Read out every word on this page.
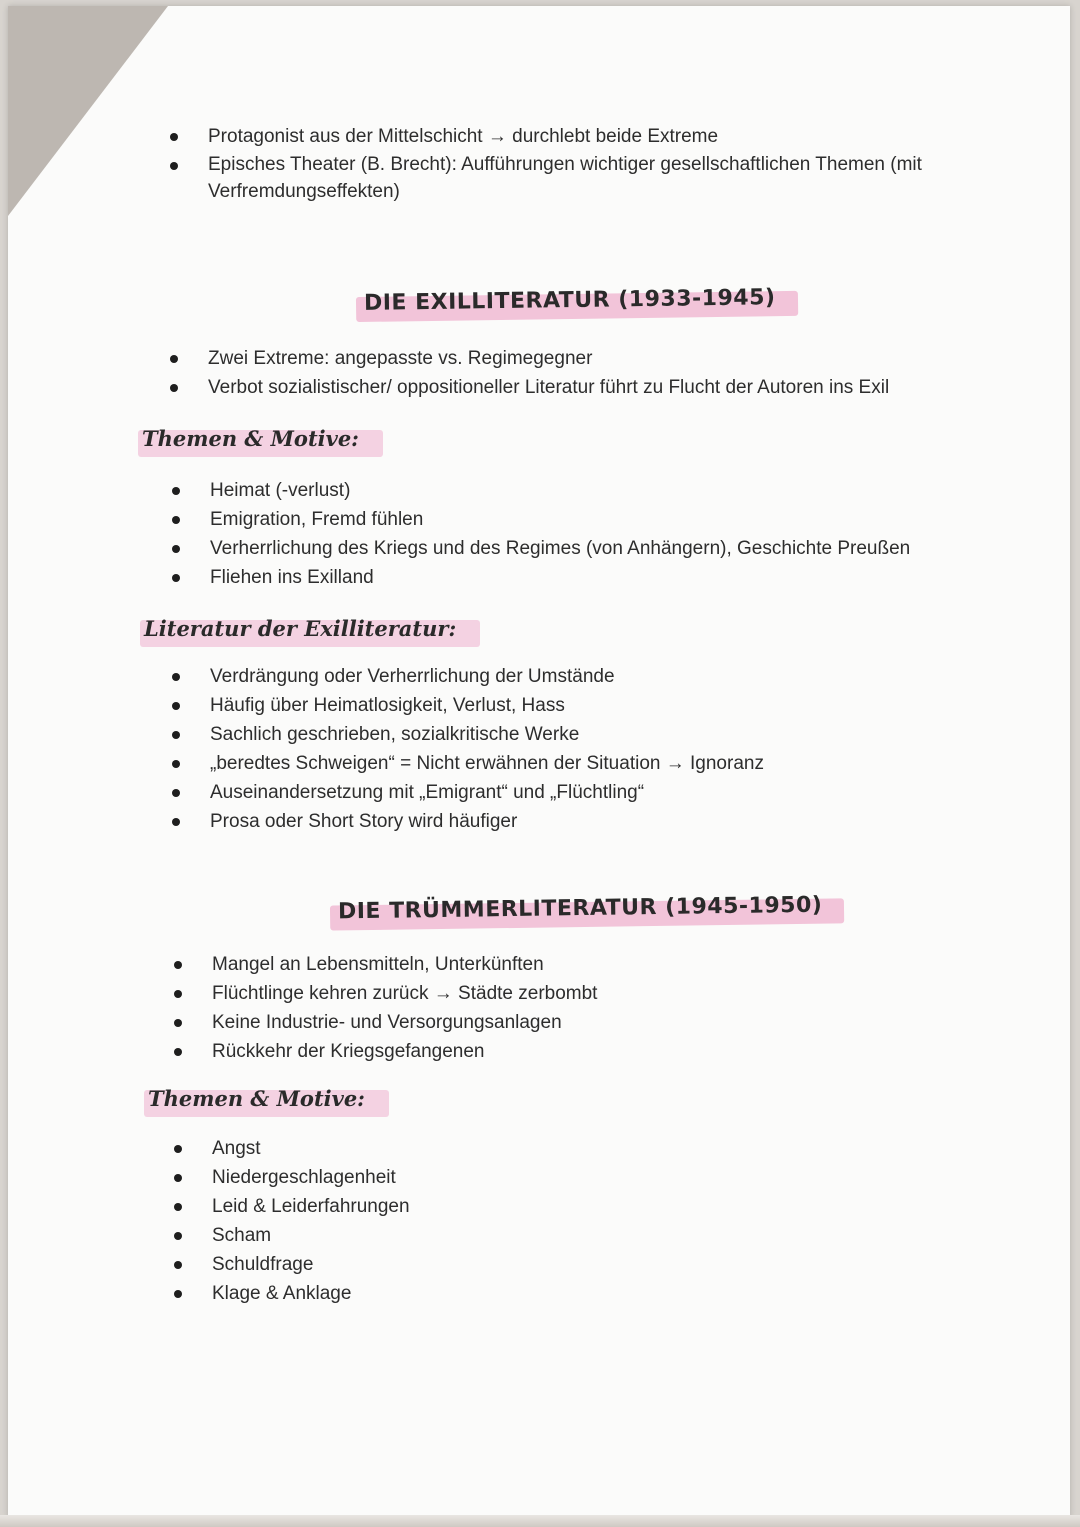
Protagonist aus der Mittelschicht → durchlebt beide Extreme
Episches Theater (B. Brecht): Aufführungen wichtiger gesellschaftlichen Themen (mit Verfremdungseffekten)
DIE EXILLITERATUR (1933-1945)
Zwei Extreme: angepasste vs. Regimegegner
Verbot sozialistischer/ oppositioneller Literatur führt zu Flucht der Autoren ins Exil
Themen & Motive:
Heimat (-verlust)
Emigration, Fremd fühlen
Verherrlichung des Kriegs und des Regimes (von Anhängern), Geschichte Preußen
Fliehen ins Exilland
Literatur der Exilliteratur:
Verdrängung oder Verherrlichung der Umstände
Häufig über Heimatlosigkeit, Verlust, Hass
Sachlich geschrieben, sozialkritische Werke
„beredtes Schweigen“ = Nicht erwähnen der Situation → Ignoranz
Auseinandersetzung mit „Emigrant“ und „Flüchtling“
Prosa oder Short Story wird häufiger
DIE TRÜMMERLITERATUR (1945-1950)
Mangel an Lebensmitteln, Unterkünften
Flüchtlinge kehren zurück → Städte zerbombt
Keine Industrie- und Versorgungsanlagen
Rückkehr der Kriegsgefangenen
Themen & Motive:
Angst
Niedergeschlagenheit
Leid & Leiderfahrungen
Scham
Schuldfrage
Klage & Anklage
